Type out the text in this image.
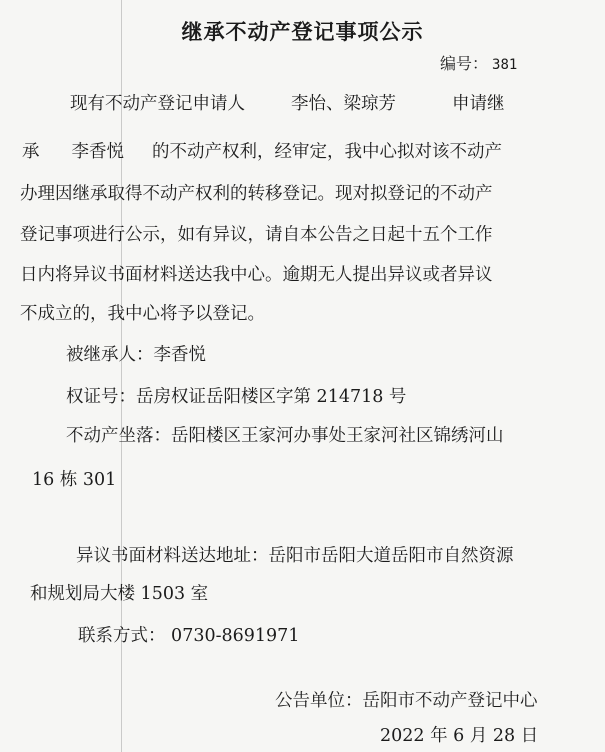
继承不动产登记事项公示
编号： 381
现有不动产登记申请人	李怡、梁琼芳	申请继
承 李香悦 的不动产权利，经审定，我中心拟对该不动产
办理因继承取得不动产权利的转移登记。现对拟登记的不动产
登记事项进行公示，如有异议，请自本公告之日起十五个工作
日内将异议书面材料送达我中心。逾期无人提出异议或者异议
不成立的，我中心将予以登记。
被继承人：李香悦
权证号：岳房权证岳阳楼区字第 214718 号
不动产坐落：岳阳楼区王家河办事处王家河社区锦绣河山
16 栋 301
异议书面材料送达地址：岳阳市岳阳大道岳阳市自然资源
和规划局大楼 1503 室
联系方式： 0730-8691971
公告单位：岳阳市不动产登记中心
2022 年 6 月 28 日
